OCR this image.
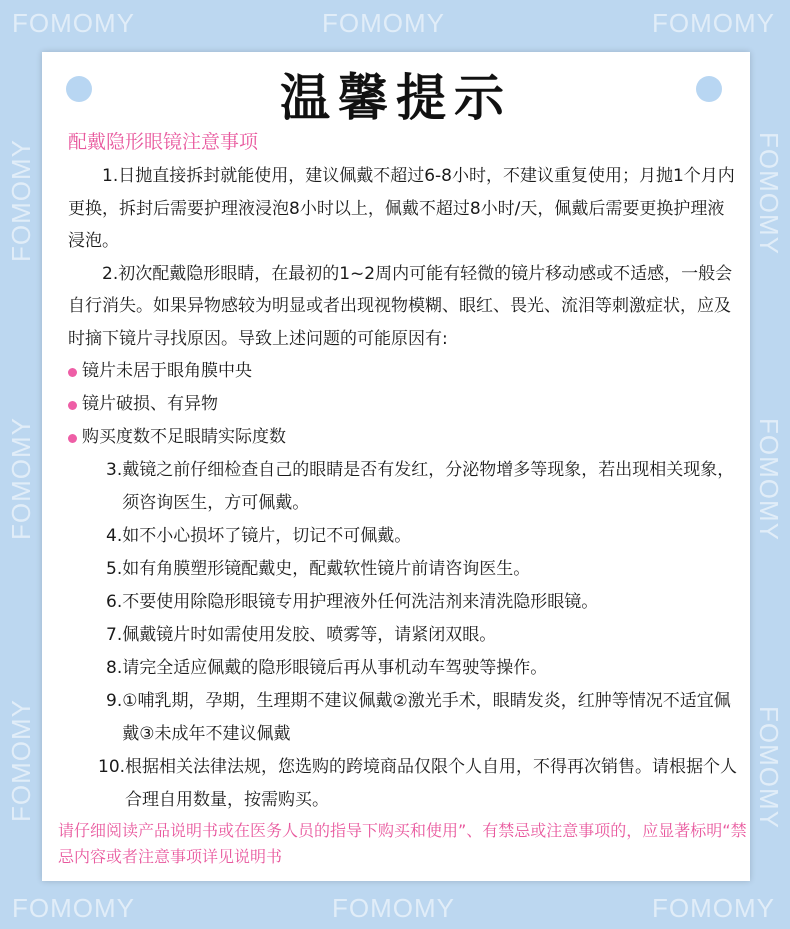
FOMOMY	FOMOMY	FOMOMY
FOMOMY	FOMOMY	FOMOMY
FOMOMY
FOMOMY
FOMOMY
FOMOMY
FOMOMY
FOMOMY
温馨提示
配戴隐形眼镜注意事项
1.日抛直接拆封就能使用，建议佩戴不超过6-8小时，不建议重复使用；月抛1个月内更换，拆封后需要护理液浸泡8小时以上，佩戴不超过8小时/天，佩戴后需要更换护理液浸泡。
2.初次配戴隐形眼睛，在最初的1~2周内可能有轻微的镜片移动感或不适感，一般会自行消失。如果异物感较为明显或者出现视物模糊、眼红、畏光、流泪等刺激症状，应及时摘下镜片寻找原因。导致上述问题的可能原因有:
镜片未居于眼角膜中央
镜片破损、有异物
购买度数不足眼睛实际度数
3. 戴镜之前仔细检查自己的眼睛是否有发红，分泌物增多等现象，若出现相关现象，须咨询医生，方可佩戴。
4. 如不小心损坏了镜片，切记不可佩戴。
5. 如有角膜塑形镜配戴史，配戴软性镜片前请咨询医生。
6. 不要使用除隐形眼镜专用护理液外任何洗洁剂来清洗隐形眼镜。
7. 佩戴镜片时如需使用发胶、喷雾等，请紧闭双眼。
8. 请完全适应佩戴的隐形眼镜后再从事机动车驾驶等操作。
9. ①哺乳期，孕期，生理期不建议佩戴②激光手术，眼睛发炎，红肿等情况不适宜佩戴③未成年不建议佩戴
10. 根据相关法律法规，您选购的跨境商品仅限个人自用，不得再次销售。请根据个人合理自用数量，按需购买。
请仔细阅读产品说明书或在医务人员的指导下购买和使用”、有禁忌或注意事项的，应显著标明“禁忌内容或者注意事项详见说明书
